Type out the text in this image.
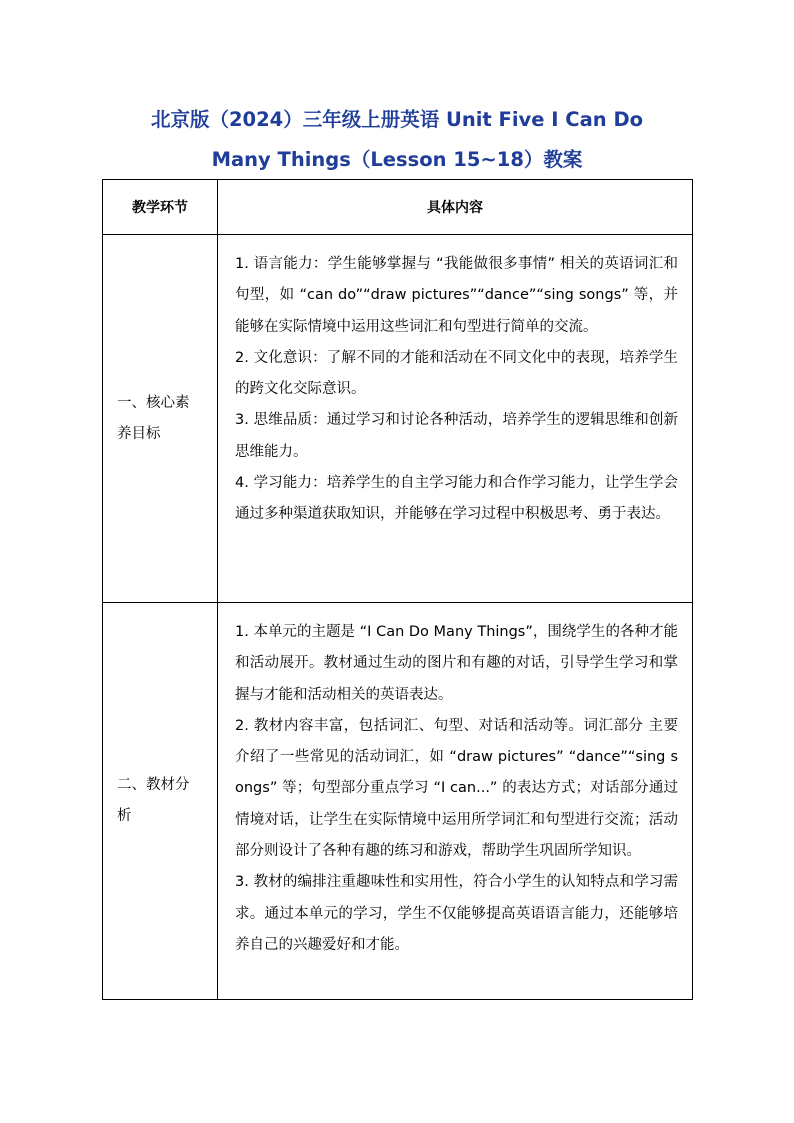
北京版（2024）三年级上册英语 Unit Five I Can Do
Many Things（Lesson 15~18）教案
教学环节	具体内容
一、核心素养目标	1. 语言能力：学生能够掌握与 “我能做很多事情” 相关的英语词汇和句型，如 “can do”“draw pictures”“dance”“sing songs” 等，并能够在实际情境中运用这些词汇和句型进行简单的交流。

2. 文化意识：了解不同的才能和活动在不同文化中的表现，培养学生的跨文化交际意识。

3. 思维品质：通过学习和讨论各种活动，培养学生的逻辑思维和创新思维能力。

4. 学习能力：培养学生的自主学习能力和合作学习能力，让学生学会通过多种渠道获取知识，并能够在学习过程中积极思考、勇于表达。

二、教材分析	1. 本单元的主题是 “I Can Do Many Things”，围绕学生的各种才能和活动展开。教材通过生动的图片和有趣的对话，引导学生学习和掌握与才能和活动相关的英语表达。

2. 教材内容丰富，包括词汇、句型、对话和活动等。词汇部分 主要介绍了一些常见的活动词汇，如 “draw pictures” “dance”“sing songs” 等；句型部分重点学习 “I can...” 的表达方式；对话部分通过情境对话，让学生在实际情境中运用所学词汇和句型进行交流；活动部分则设计了各种有趣的练习和游戏，帮助学生巩固所学知识。

3. 教材的编排注重趣味性和实用性，符合小学生的认知特点和学习需求。通过本单元的学习，学生不仅能够提高英语语言能力，还能够培养自己的兴趣爱好和才能。
